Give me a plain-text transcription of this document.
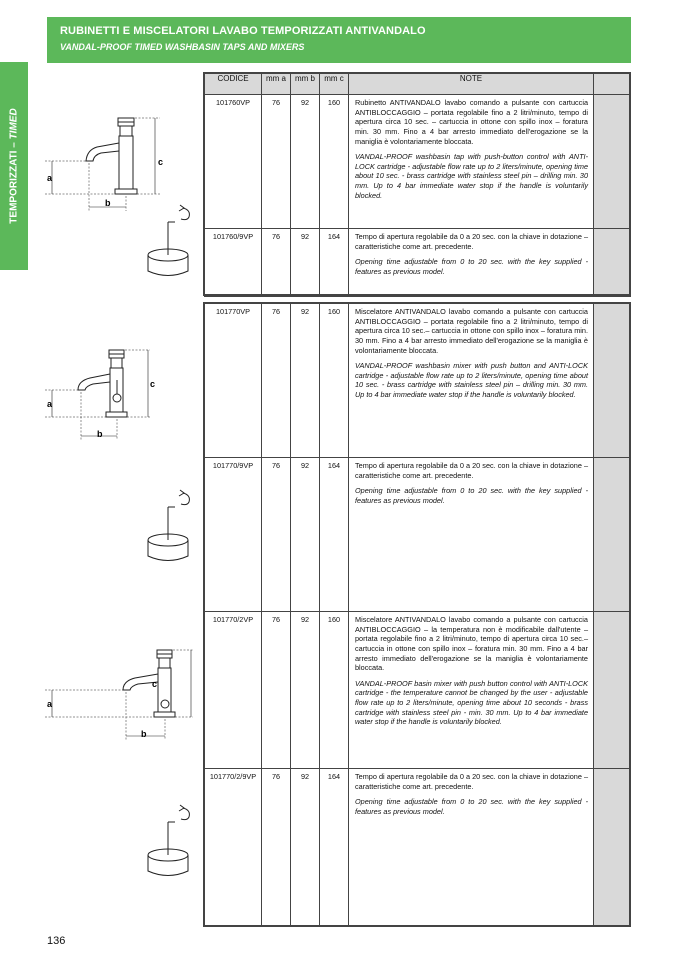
RUBINETTI E MISCELATORI LAVABO TEMPORIZZATI ANTIVANDALO
VANDAL-PROOF TIMED WASHBASIN TAPS AND MIXERS
TEMPORIZZATI – TIMED
CODICE	mm a	mm b	mm c	NOTE	
101760VP	76	92	160	Rubinetto ANTIVANDALO lavabo comando a pulsante con cartuccia ANTIBLOCCAGGIO – portata regolabile fino a 2 litri/minuto, tempo di apertura circa 10 sec. – cartuccia in ottone con spillo inox – foratura min. 30 mm. Fino a 4 bar arresto immediato dell'erogazione se la maniglia è volontariamente bloccata.

VANDAL-PROOF washbasin tap with push-button control with ANTI-LOCK cartridge - adjustable flow rate up to 2 liters/minute, opening time about 10 sec. - brass cartridge with stainless steel pin – drilling min. 30 mm. Up to 4 bar immediate water stop if the handle is voluntarily blocked.	

101760/9VP	76	92	164	Tempo di apertura regolabile da 0 a 20 sec. con la chiave in dotazione – caratteristiche come art. precedente.

Opening time adjustable from 0 to 20 sec. with the key supplied - features as previous model.	

101770VP	76	92	160	Miscelatore ANTIVANDALO lavabo comando a pulsante con cartuccia ANTIBLOCCAGGIO – portata regolabile fino a 2 litri/minuto, tempo di apertura circa 10 sec.– cartuccia in ottone con spillo inox – foratura min. 30 mm. Fino a 4 bar arresto immediato dell'erogazione se la maniglia è volontariamente bloccata.

VANDAL-PROOF washbasin mixer with push button and ANTI-LOCK cartridge - adjustable flow rate up to 2 liters/minute, opening time about 10 sec. - brass cartridge with stainless steel pin – drilling min. 30 mm. Up to 4 bar immediate water stop if the handle is voluntarily blocked.	

101770/9VP	76	92	164	Tempo di apertura regolabile da 0 a 20 sec. con la chiave in dotazione – caratteristiche come art. precedente.

Opening time adjustable from 0 to 20 sec. with the key supplied - features as previous model.	

101770/2VP	76	92	160	Miscelatore ANTIVANDALO lavabo comando a pulsante con cartuccia ANTIBLOCCAGGIO – la temperatura non è modificabile dall'utente – portata regolabile fino a 2 litri/minuto, tempo di apertura circa 10 sec.– cartuccia in ottone con spillo inox – foratura min. 30 mm. Fino a 4 bar arresto immediato dell'erogazione se la maniglia è volontariamente bloccata.

VANDAL-PROOF basin mixer with push button control with ANTI-LOCK cartridge - the temperature cannot be changed by the user - adjustable flow rate up to 2 liters/minute, opening time about 10 seconds - brass cartridge with stainless steel pin - min. 30 mm. Up to 4 bar immediate water stop if the handle is voluntarily blocked.	

101770/2/9VP	76	92	164	Tempo di apertura regolabile da 0 a 20 sec. con la chiave in dotazione – caratteristiche come art. precedente.

Opening time adjustable from 0 to 20 sec. with the key supplied - features as previous model.	

a
c
b
a
c
b
a
c
b
136
